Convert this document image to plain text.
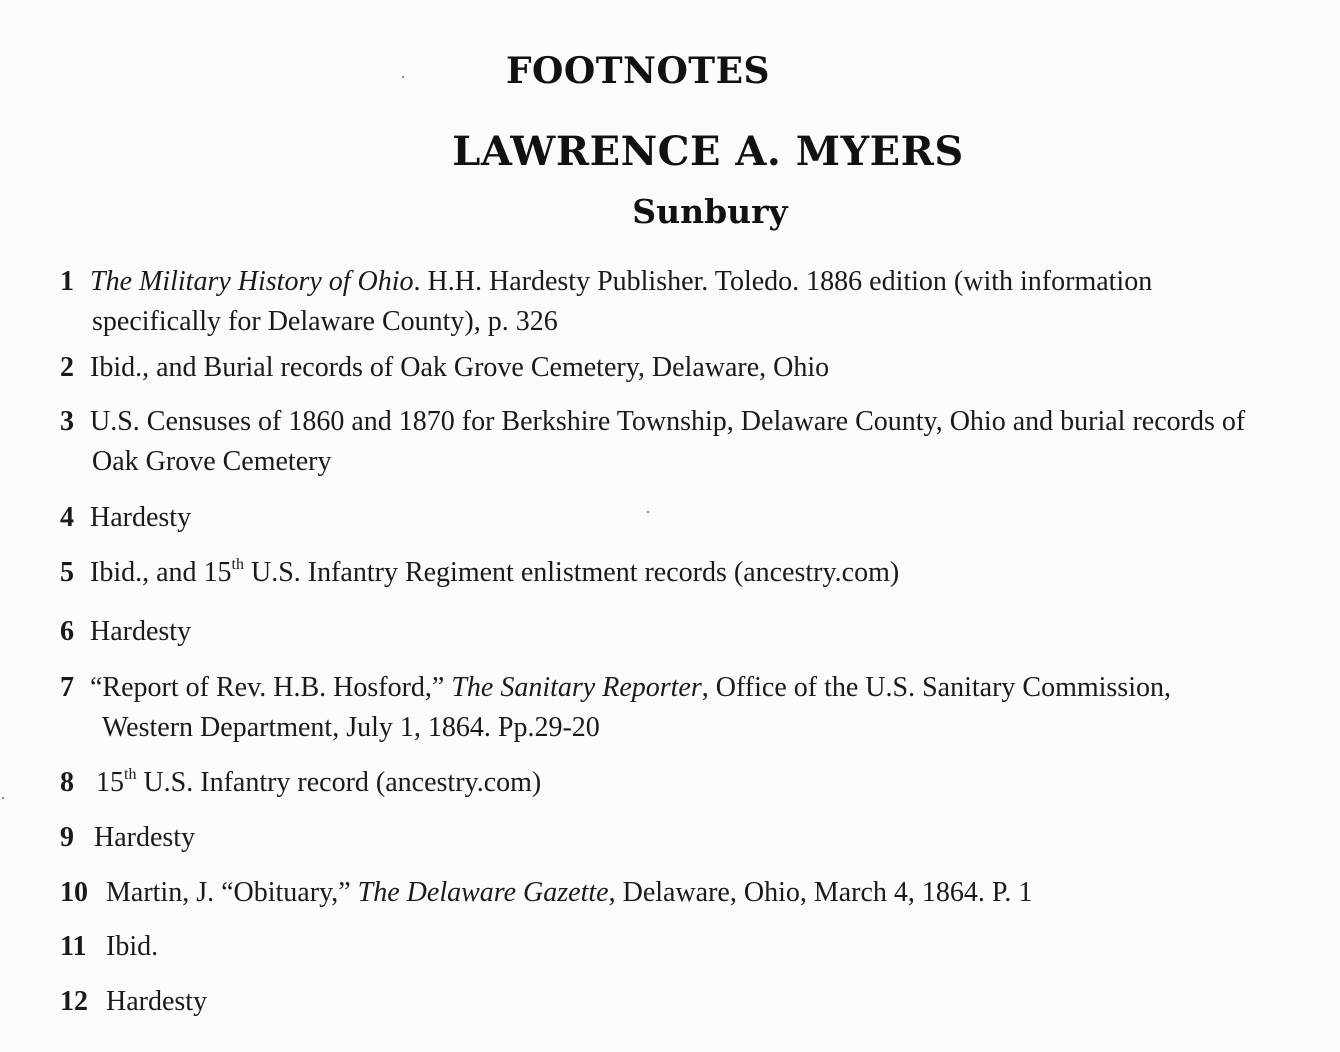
FOOTNOTES
LAWRENCE A. MYERS
Sunbury
1 The Military History of Ohio. H.H. Hardesty Publisher. Toledo. 1886 edition (with information
specifically for Delaware County), p. 326
2 Ibid., and Burial records of Oak Grove Cemetery, Delaware, Ohio
3 U.S. Censuses of 1860 and 1870 for Berkshire Township, Delaware County, Ohio and burial records of
Oak Grove Cemetery
4 Hardesty
5 Ibid., and 15th U.S. Infantry Regiment enlistment records (ancestry.com)
6 Hardesty
7 “Report of Rev. H.B. Hosford,” The Sanitary Reporter, Office of the U.S. Sanitary Commission,
Western Department, July 1, 1864. Pp.29-20
8 15th U.S. Infantry record (ancestry.com)
9 Hardesty
10 Martin, J. “Obituary,” The Delaware Gazette, Delaware, Ohio, March 4, 1864. P. 1
11 Ibid.
12 Hardesty
